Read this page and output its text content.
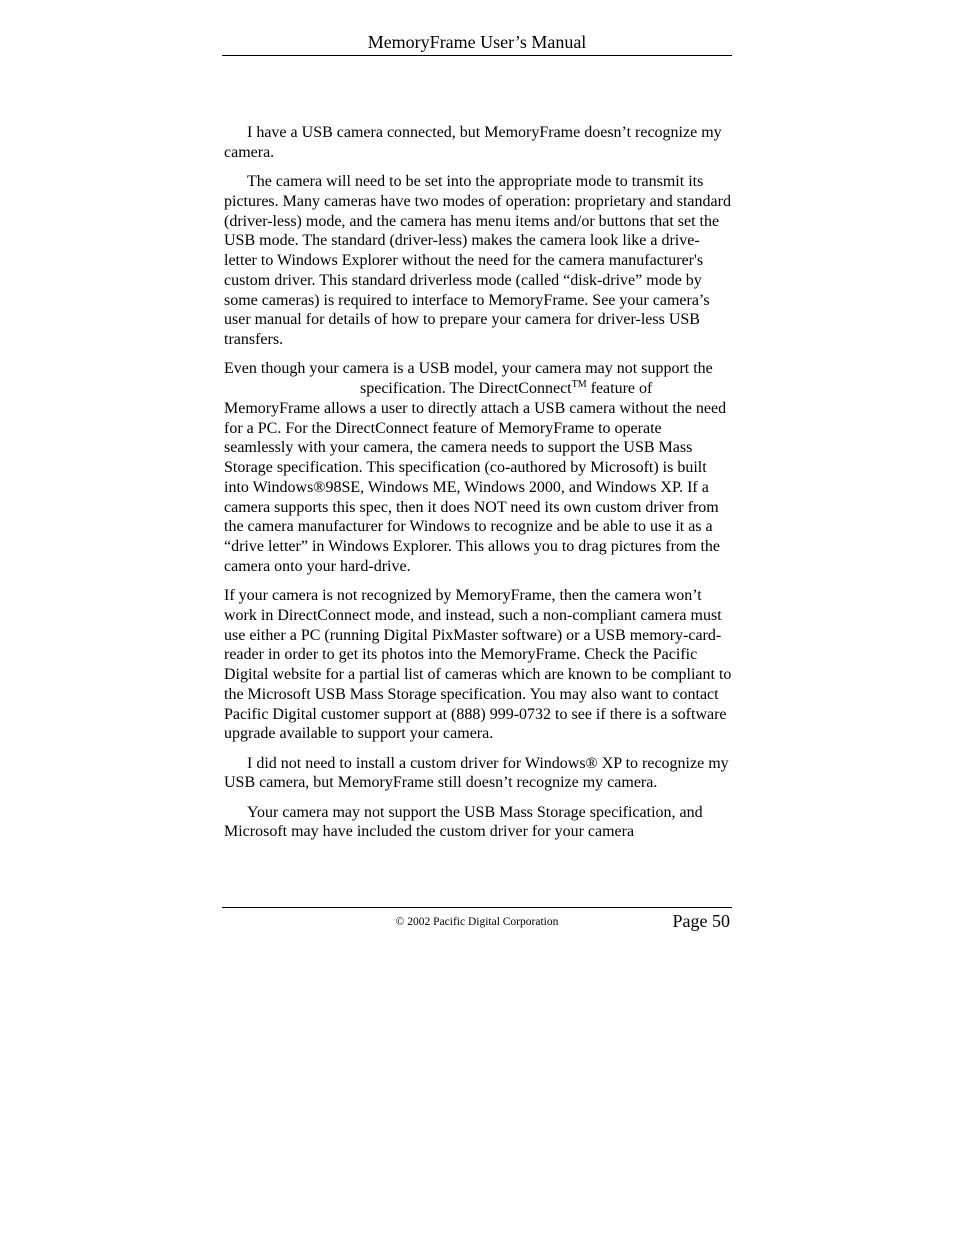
MemoryFrame User’s Manual

I have a USB camera connected, but MemoryFrame doesn’t recognize my camera.

The camera will need to be set into the appropriate mode to transmit its pictures. Many cameras have two modes of operation: proprietary and standard (driver-less) mode, and the camera has menu items and/or buttons that set the USB mode. The standard (driver-less) makes the camera look like a drive-letter to Windows Explorer without the need for the camera manufacturer's custom driver. This standard driverless mode (called “disk-drive” mode by some cameras) is required to interface to MemoryFrame. See your camera’s user manual for details of how to prepare your camera for driver-less USB transfers.

Even though your camera is a USB model, your camera may not support thespecification. The DirectConnect™ feature of MemoryFrame allows a user to directly attach a USB camera without the need for a PC. For the DirectConnect feature of MemoryFrame to operate seamlessly with your camera, the camera needs to support the USB Mass Storage specification. This specification (co-authored by Microsoft) is built into Windows®98SE, Windows ME, Windows 2000, and Windows XP. If a camera supports this spec, then it does NOT need its own custom driver from the camera manufacturer for Windows to recognize and be able to use it as a “drive letter” in Windows Explorer. This allows you to drag pictures from the camera onto your hard-drive.

If your camera is not recognized by MemoryFrame, then the camera won’t work in DirectConnect mode, and instead, such a non-compliant camera must use either a PC (running Digital PixMaster software) or a USB memory-card-reader in order to get its photos into the MemoryFrame. Check the Pacific Digital website for a partial list of cameras which are known to be compliant to the Microsoft USB Mass Storage specification. You may also want to contact Pacific Digital customer support at (888) 999-0732 to see if there is a software upgrade available to support your camera.

I did not need to install a custom driver for Windows® XP to recognize my USB camera, but MemoryFrame still doesn’t recognize my camera.

Your camera may not support the USB Mass Storage specification, and Microsoft may have included the custom driver for your camera

© 2002 Pacific Digital Corporation	Page 50
